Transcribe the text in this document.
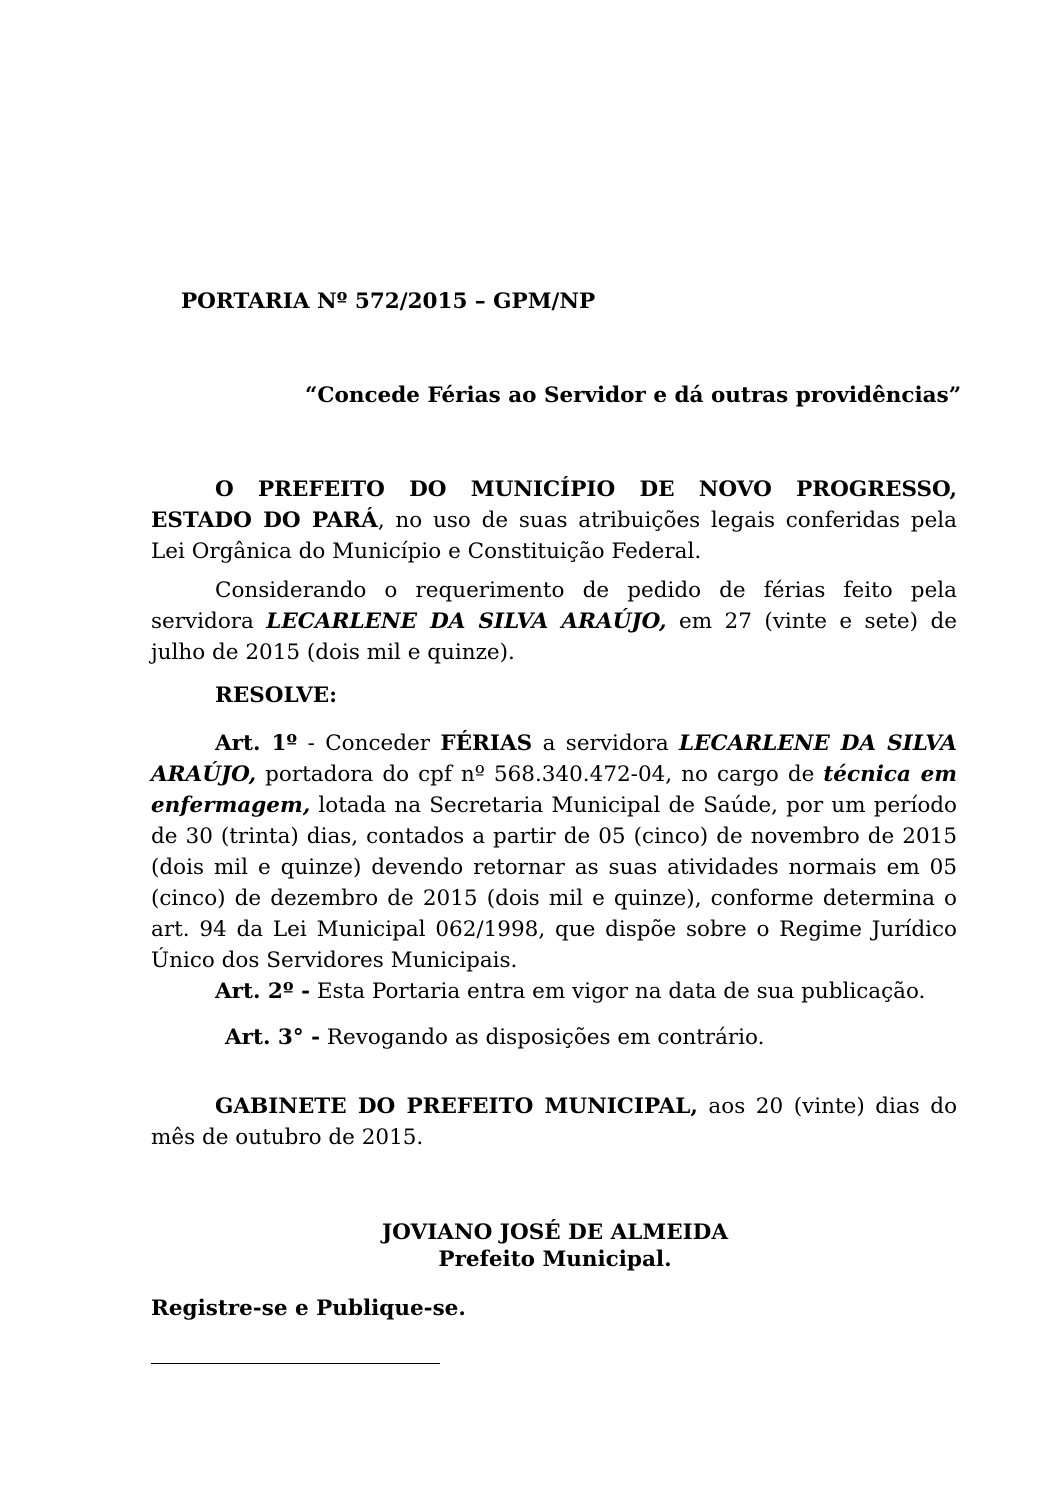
PORTARIA Nº 572/2015 – GPM/NP
“Concede Férias ao Servidor e dá outras providências”
O PREFEITO DO MUNICÍPIO DE NOVO PROGRESSO, ESTADO DO PARÁ, no uso de suas atribuições legais conferidas pela Lei Orgânica do Município e Constituição Federal.
Considerando o requerimento de pedido de férias feito pela servidora LECARLENE DA SILVA ARAÚJO, em 27 (vinte e sete) de julho de 2015 (dois mil e quinze).
RESOLVE:
Art. 1º - Conceder FÉRIAS a servidora LECARLENE DA SILVA ARAÚJO, portadora do cpf nº 568.340.472-04, no cargo de técnica em enfermagem, lotada na Secretaria Municipal de Saúde, por um período de 30 (trinta) dias, contados a partir de 05 (cinco) de novembro de 2015 (dois mil e quinze) devendo retornar as suas atividades normais em 05 (cinco) de dezembro de 2015 (dois mil e quinze), conforme determina o art. 94 da Lei Municipal 062/1998, que dispõe sobre o Regime Jurídico Único dos Servidores Municipais.
Art. 2º - Esta Portaria entra em vigor na data de sua publicação.
Art. 3° - Revogando as disposições em contrário.
GABINETE DO PREFEITO MUNICIPAL, aos 20 (vinte) dias do mês de outubro de 2015.
JOVIANO JOSÉ DE ALMEIDA
Prefeito Municipal.
Registre-se e Publique-se.
